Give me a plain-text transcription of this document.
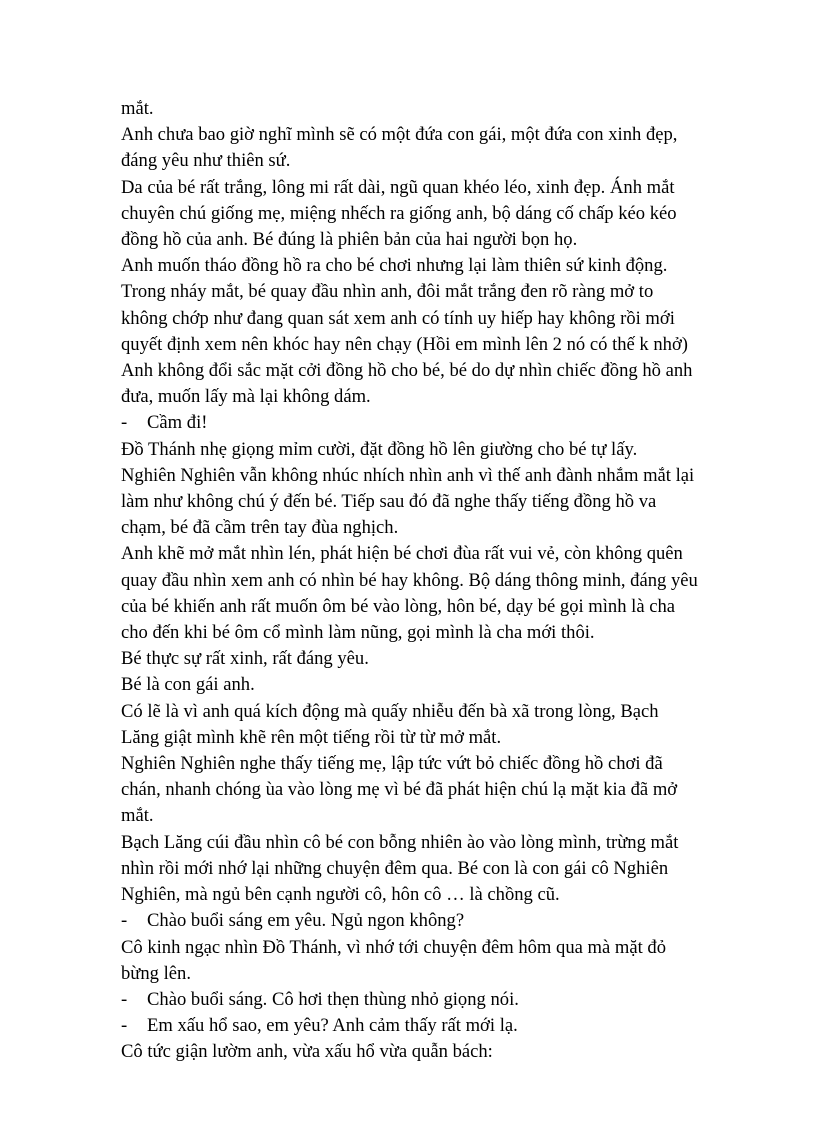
mắt.

Anh chưa bao giờ nghĩ mình sẽ có một đứa con gái, một đứa con xinh đẹp, đáng yêu như thiên sứ.

Da của bé rất trắng, lông mi rất dài, ngũ quan khéo léo, xinh đẹp. Ánh mắt chuyên chú giống mẹ, miệng nhếch ra giống anh, bộ dáng cố chấp kéo kéo đồng hồ của anh. Bé đúng là phiên bản của hai người bọn họ.

Anh muốn tháo đồng hồ ra cho bé chơi nhưng lại làm thiên sứ kinh động. Trong nháy mắt, bé quay đầu nhìn anh, đôi mắt trắng đen rõ ràng mở to không chớp như đang quan sát xem anh có tính uy hiếp hay không rồi mới quyết định xem nên khóc hay nên chạy (Hồi em mình lên 2 nó có thế k nhở)

Anh không đổi sắc mặt cởi đồng hồ cho bé, bé do dự nhìn chiếc đồng hồ anh đưa, muốn lấy mà lại không dám.

-	Cầm đi!

Đồ Thánh nhẹ giọng mỉm cười, đặt đồng hồ lên giường cho bé tự lấy.

Nghiên Nghiên vẫn không nhúc nhích nhìn anh vì thế anh đành nhắm mắt lại làm như không chú ý đến bé. Tiếp sau đó đã nghe thấy tiếng đồng hồ va chạm, bé đã cầm trên tay đùa nghịch.

Anh khẽ mở mắt nhìn lén, phát hiện bé chơi đùa rất vui vẻ, còn không quên quay đầu nhìn xem anh có nhìn bé hay không. Bộ dáng thông minh, đáng yêu của bé khiến anh rất muốn ôm bé vào lòng, hôn bé, dạy bé gọi mình là cha cho đến khi bé ôm cổ mình làm nũng, gọi mình là cha mới thôi.

Bé thực sự rất xinh, rất đáng yêu.

Bé là con gái anh.

Có lẽ là vì anh quá kích động mà quấy nhiễu đến bà xã trong lòng, Bạch Lăng giật mình khẽ rên một tiếng rồi từ từ mở mắt.

Nghiên Nghiên nghe thấy tiếng mẹ, lập tức vứt bỏ chiếc đồng hồ chơi đã chán, nhanh chóng ùa vào lòng mẹ vì bé đã phát hiện chú lạ mặt kia đã mở mắt.

Bạch Lăng cúi đầu nhìn cô bé con bỗng nhiên ào vào lòng mình, trừng mắt nhìn rồi mới nhớ lại những chuyện đêm qua. Bé con là con gái cô Nghiên Nghiên, mà ngủ bên cạnh người cô, hôn cô … là chồng cũ.

-	Chào buổi sáng em yêu. Ngủ ngon không?

Cô kinh ngạc nhìn Đồ Thánh, vì nhớ tới chuyện đêm hôm qua mà mặt đỏ bừng lên.

-	Chào buổi sáng. Cô hơi thẹn thùng nhỏ giọng nói.
-	Em xấu hổ sao, em yêu? Anh cảm thấy rất mới lạ.

Cô tức giận lườm anh, vừa xấu hổ vừa quẫn bách:
